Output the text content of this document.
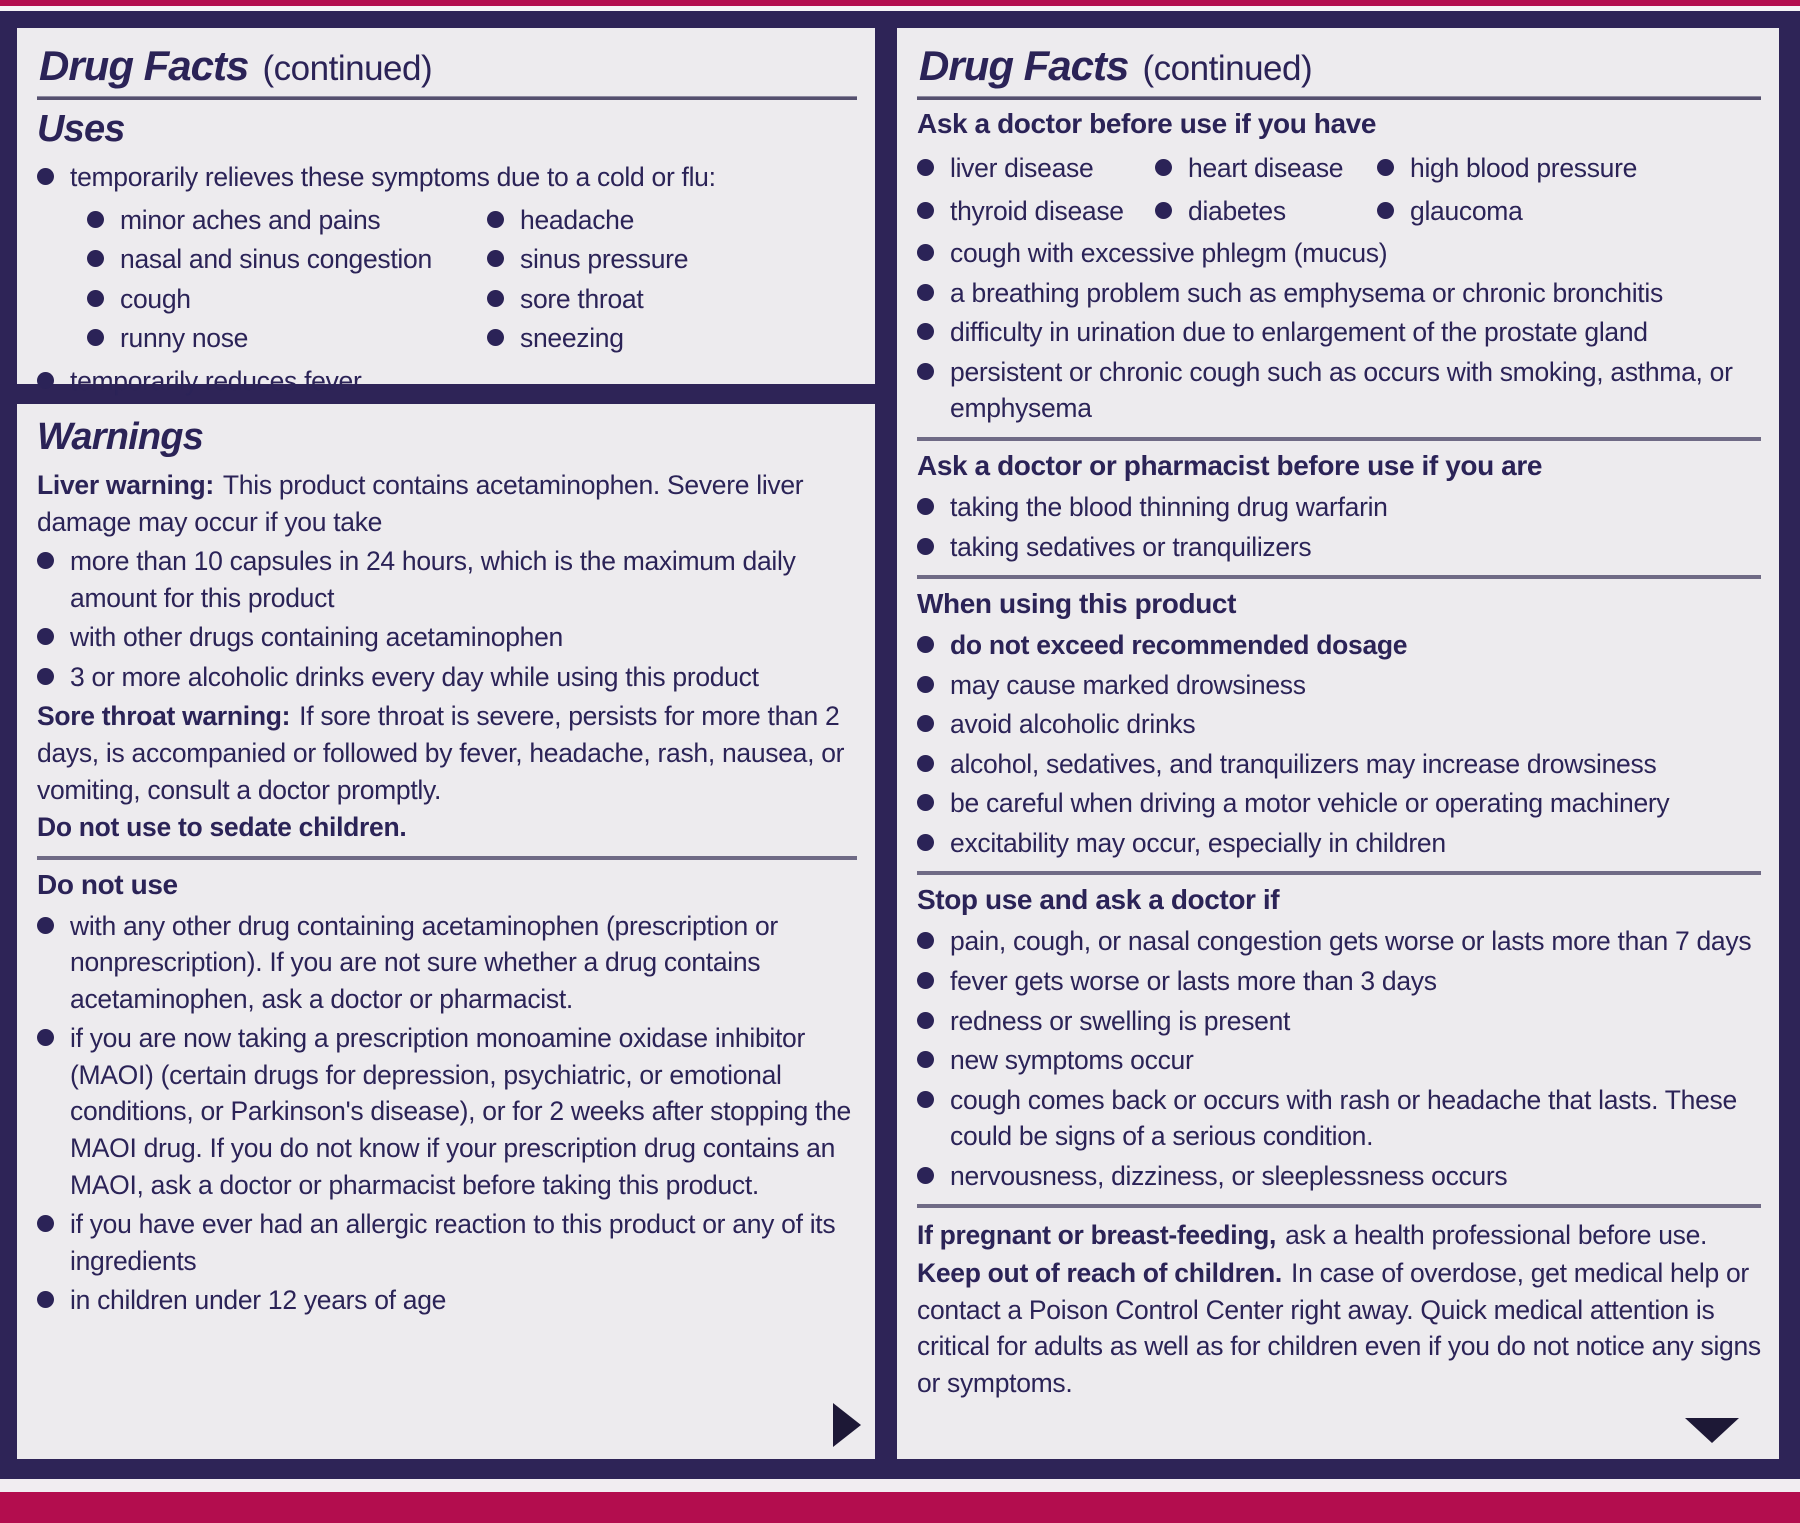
Drug Facts (continued)
Uses
temporarily relieves these symptoms due to a cold or flu:
minor aches and pains
nasal and sinus congestion
cough
runny nose
headache
sinus pressure
sore throat
sneezing
temporarily reduces fever
Warnings

Liver warning: This product contains acetaminophen. Severe liver damage may occur if you take

more than 10 capsules in 24 hours, which is the maximum daily amount for this product
with other drugs containing acetaminophen
3 or more alcoholic drinks every day while using this product

Sore throat warning: If sore throat is severe, persists for more than 2 days, is accompanied or followed by fever, headache, rash, nausea, or vomiting, consult a doctor promptly.

Do not use to sedate children.

Do not use
with any other drug containing acetaminophen (prescription or nonprescription). If you are not sure whether a drug contains acetaminophen, ask a doctor or pharmacist.
if you are now taking a prescription monoamine oxidase inhibitor (MAOI) (certain drugs for depression, psychiatric, or emotional conditions, or Parkinson's disease), or for 2 weeks after stopping the MAOI drug. If you do not know if your prescription drug contains an MAOI, ask a doctor or pharmacist before taking this product.
if you have ever had an allergic reaction to this product or any of its ingredients
in children under 12 years of age
Drug Facts (continued)
Ask a doctor before use if you have
liver disease	heart disease	high blood pressure
thyroid disease diabetes	glaucoma
cough with excessive phlegm (mucus)
a breathing problem such as emphysema or chronic bronchitis
difficulty in urination due to enlargement of the prostate gland
persistent or chronic cough such as occurs with smoking, asthma, or emphysema
Ask a doctor or pharmacist before use if you are
taking the blood thinning drug warfarin
taking sedatives or tranquilizers
When using this product
do not exceed recommended dosage
may cause marked drowsiness
avoid alcoholic drinks
alcohol, sedatives, and tranquilizers may increase drowsiness
be careful when driving a motor vehicle or operating machinery
excitability may occur, especially in children
Stop use and ask a doctor if
pain, cough, or nasal congestion gets worse or lasts more than 7 days
fever gets worse or lasts more than 3 days
redness or swelling is present
new symptoms occur
cough comes back or occurs with rash or headache that lasts. These could be signs of a serious condition.
nervousness, dizziness, or sleeplessness occurs

If pregnant or breast-feeding, ask a health professional before use.

Keep out of reach of children. In case of overdose, get medical help or contact a Poison Control Center right away. Quick medical attention is critical for adults as well as for children even if you do not notice any signs or symptoms.
